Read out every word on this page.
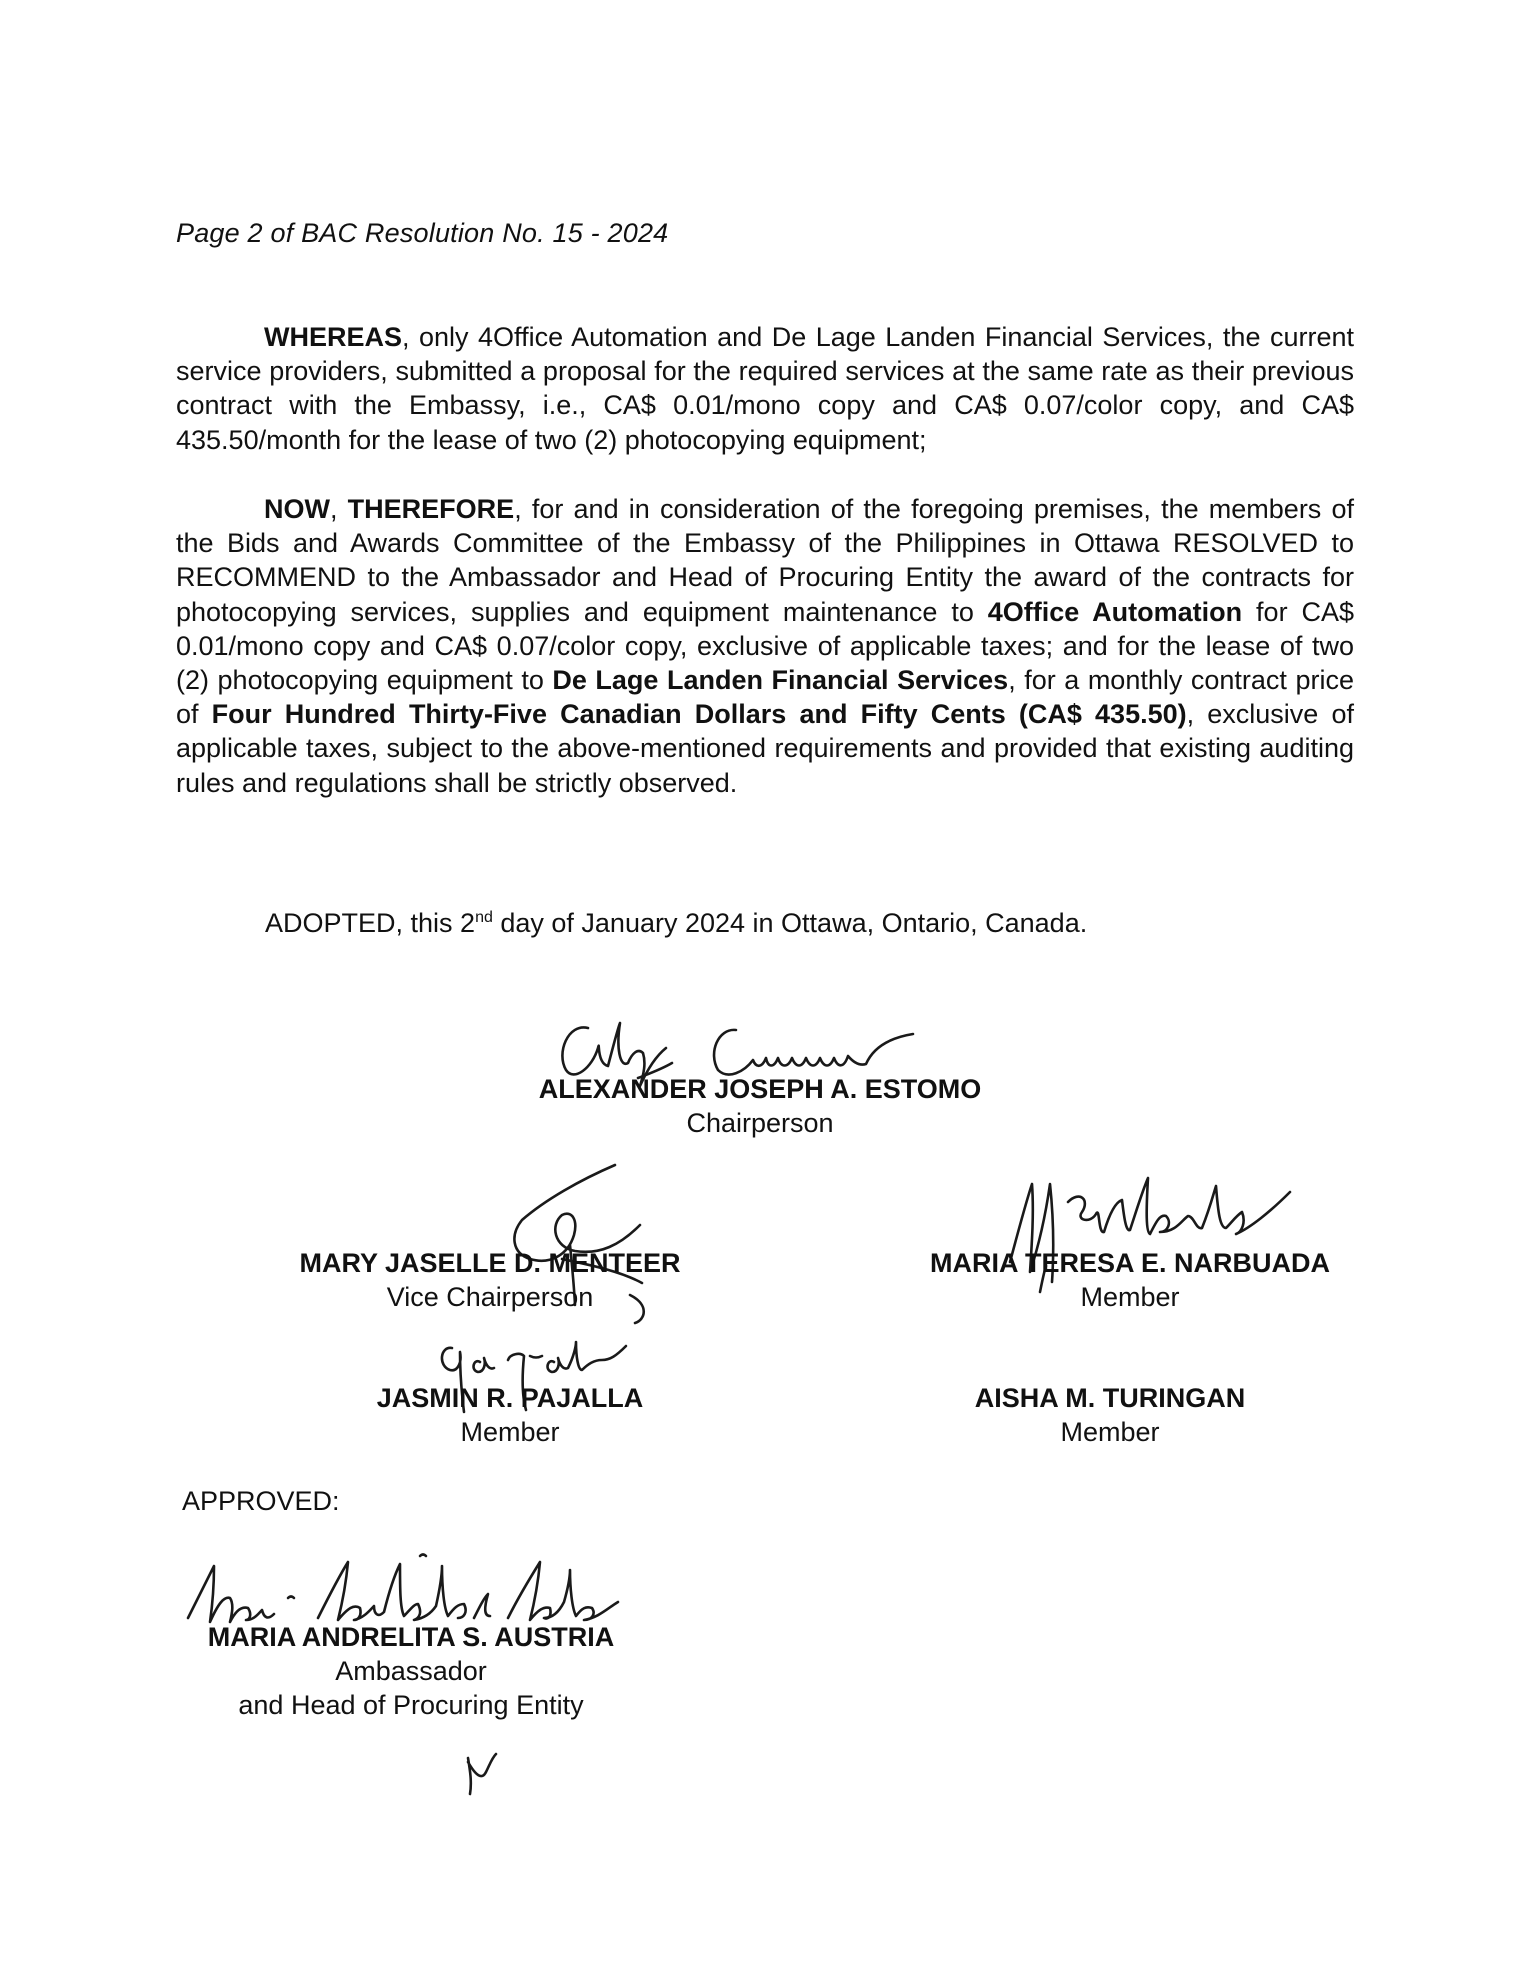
Page 2 of BAC Resolution No. 15 - 2024
WHEREAS, only 4Office Automation and De Lage Landen Financial Services, the current service providers, submitted a proposal for the required services at the same rate as their previous contract with the Embassy, i.e., CA$ 0.01/mono copy and CA$ 0.07/color copy, and CA$ 435.50/month for the lease of two (2) photocopying equipment;
NOW, THEREFORE, for and in consideration of the foregoing premises, the members of the Bids and Awards Committee of the Embassy of the Philippines in Ottawa RESOLVED to RECOMMEND to the Ambassador and Head of Procuring Entity the award of the contracts for photocopying services, supplies and equipment maintenance to 4Office Automation for CA$ 0.01/mono copy and CA$ 0.07/color copy, exclusive of applicable taxes; and for the lease of two (2) photocopying equipment to De Lage Landen Financial Services, for a monthly contract price of Four Hundred Thirty-Five Canadian Dollars and Fifty Cents (CA$ 435.50), exclusive of applicable taxes, subject to the above-mentioned requirements and provided that existing auditing rules and regulations shall be strictly observed.
ADOPTED, this 2nd day of January 2024 in Ottawa, Ontario, Canada.
ALEXANDER JOSEPH A. ESTOMO
Chairperson
MARY JASELLE D. MENTEER
Vice Chairperson
MARIA TERESA E. NARBUADA
Member
JASMIN R. PAJALLA
Member
AISHA M. TURINGAN
Member
APPROVED:
MARIA ANDRELITA S. AUSTRIA
Ambassador
and Head of Procuring Entity
